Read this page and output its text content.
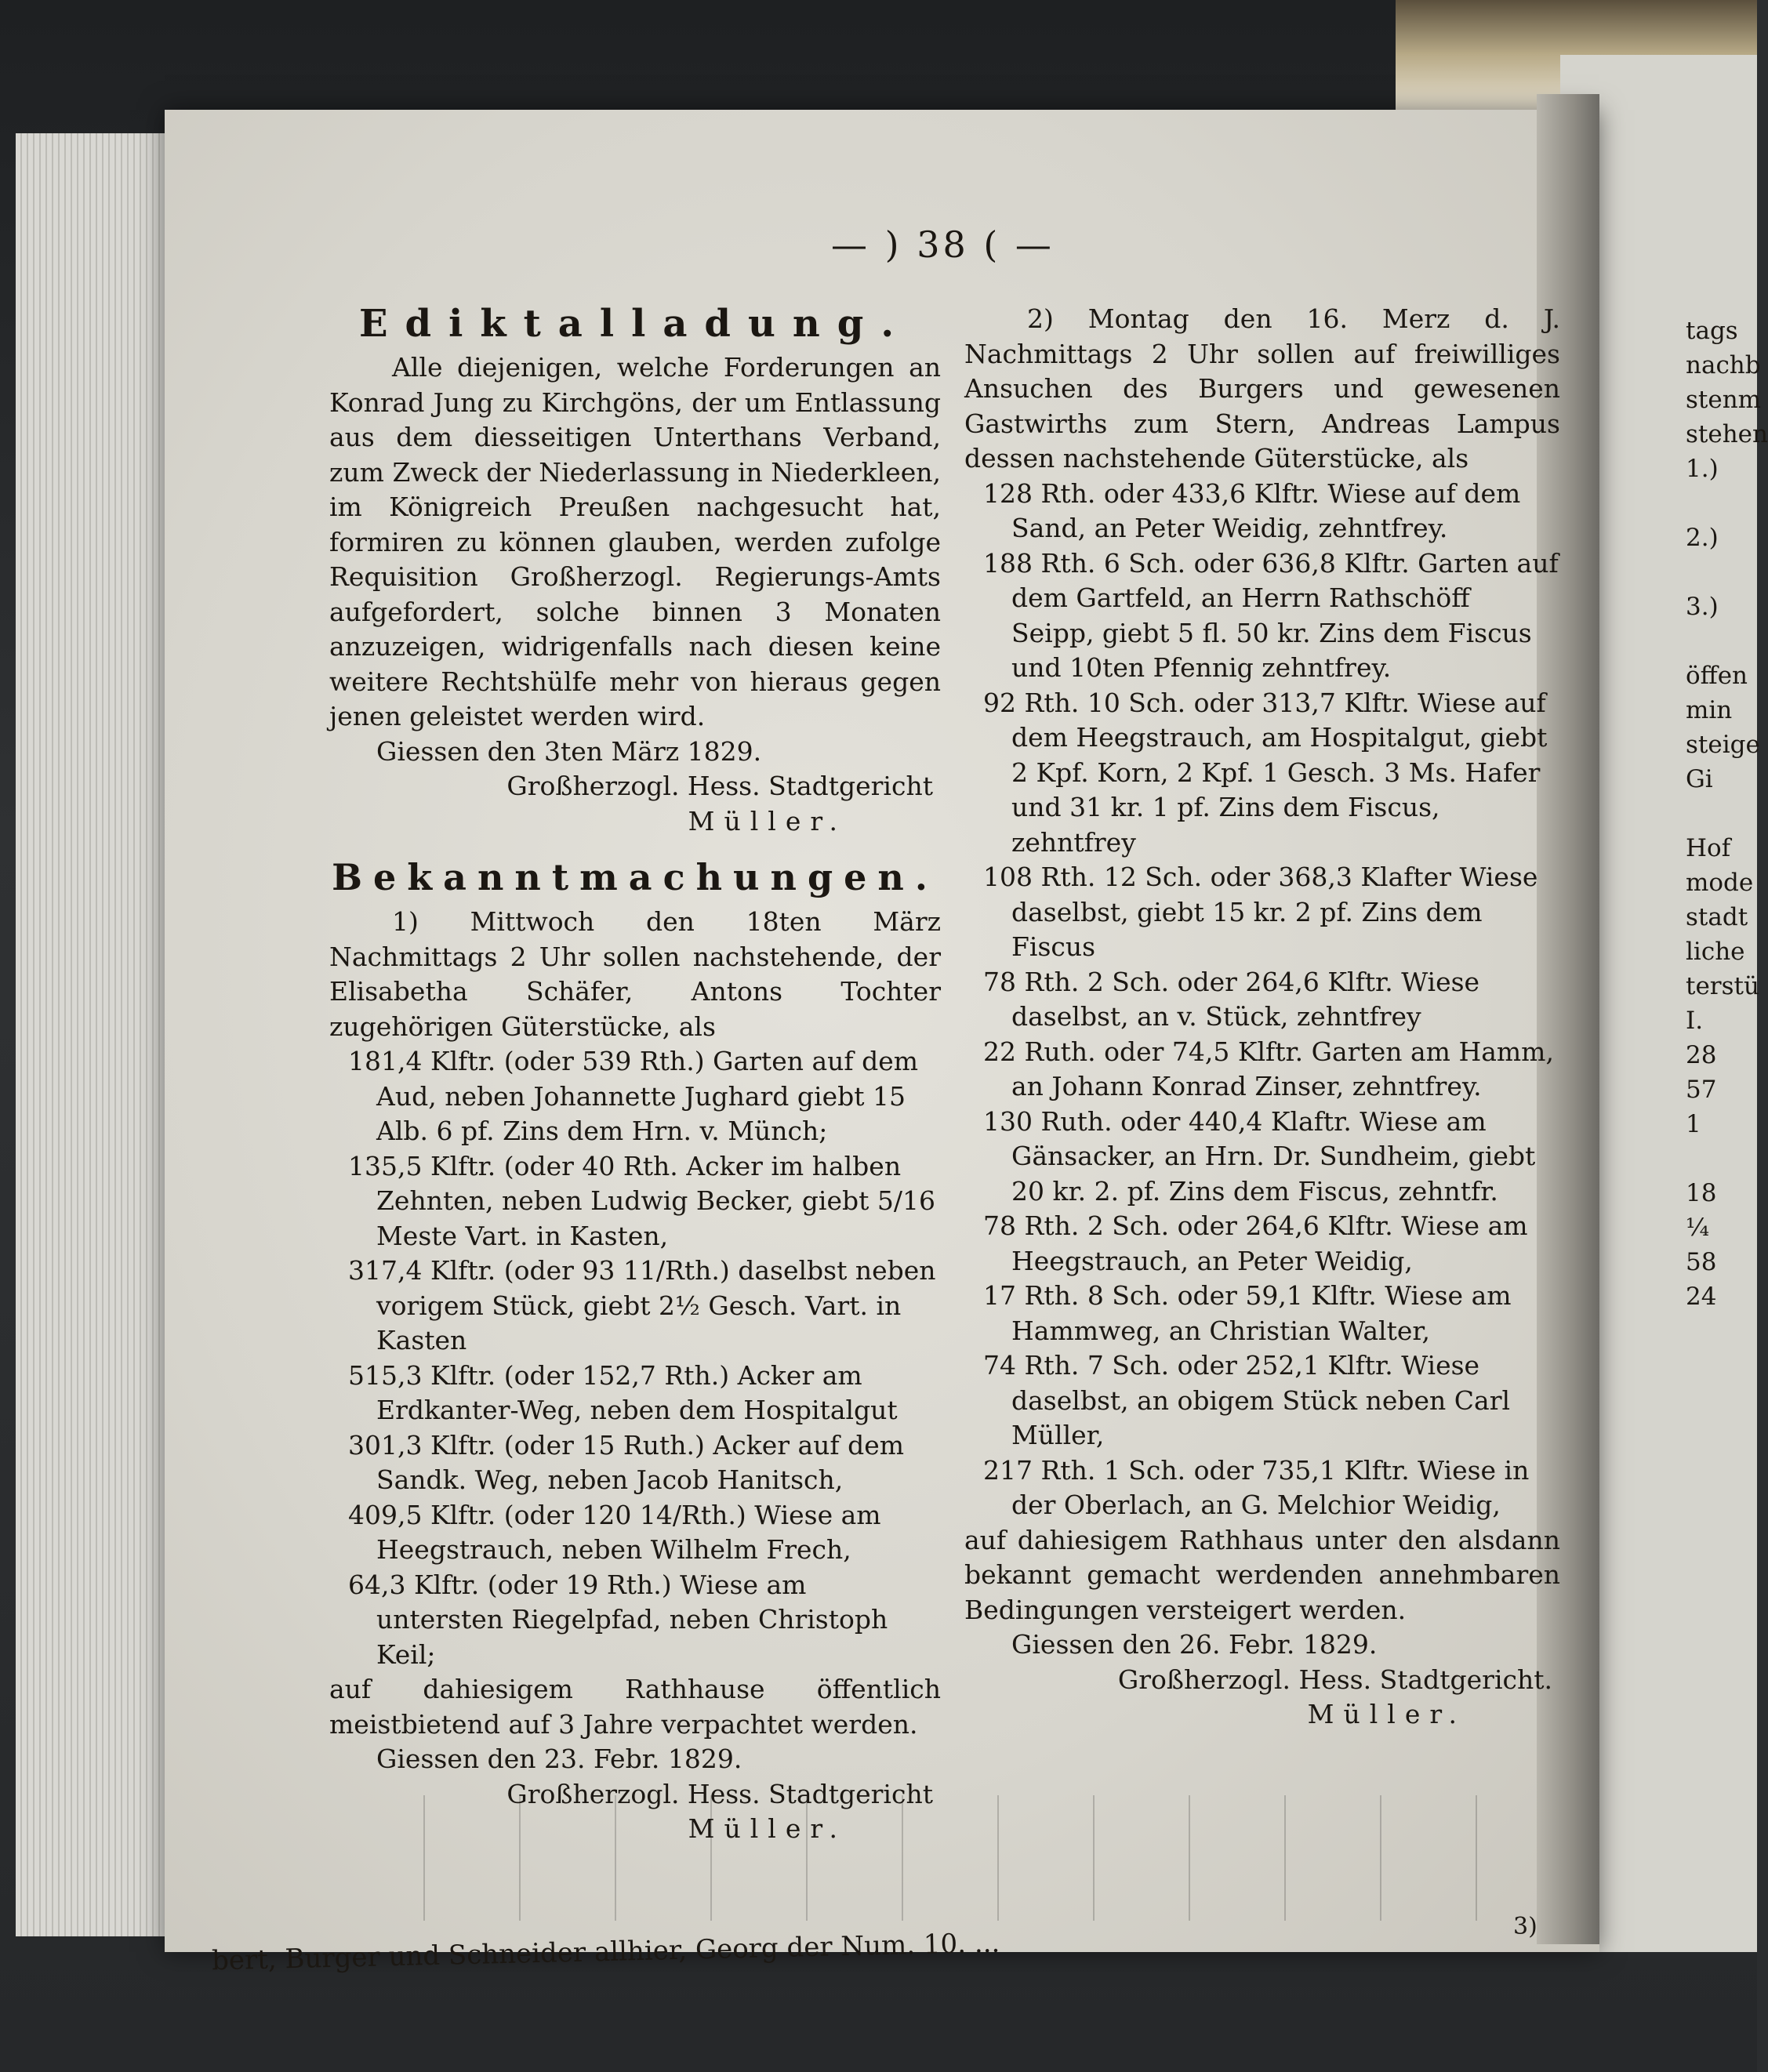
tags
nachb
stenm
stehen
1.)

2.)

3.)

öffen
min
steige
Gi

Hof
mode
stadt
liche
terstü
I.
28
57
1

18
¼
58
24
— ) 38 ( —
Ediktalladung.

Alle diejenigen, welche Forderungen an Konrad Jung zu Kirchgöns, der um Entlassung aus dem diesseitigen Unterthans Verband, zum Zweck der Niederlassung in Niederkleen, im Königreich Preußen nachgesucht hat, formiren zu können glauben, werden zufolge Requisition Großherzogl. Regierungs-Amts aufgefordert, solche binnen 3 Monaten anzuzeigen, widrigenfalls nach diesen keine weitere Rechtshülfe mehr von hieraus gegen jenen geleistet werden wird.

Giessen den 3ten März 1829.

Großherzogl. Hess. Stadtgericht

Müller.

Bekanntmachungen.

1) Mittwoch den 18ten März Nachmittags 2 Uhr sollen nachstehende, der Elisabetha Schäfer, Antons Tochter zugehörigen Güterstücke, als

181,4 Klftr. (oder 539 Rth.) Garten auf dem Aud, neben Johannette Jughard giebt 15 Alb. 6 pf. Zins dem Hrn. v. Münch;

135,5 Klftr. (oder 40 Rth. Acker im halben Zehnten, neben Ludwig Becker, giebt 5/16 Meste Vart. in Kasten,

317,4 Klftr. (oder 93 11/Rth.) daselbst neben vorigem Stück, giebt 2½ Gesch. Vart. in Kasten

515,3 Klftr. (oder 152,7 Rth.) Acker am Erdkanter-Weg, neben dem Hospitalgut

301,3 Klftr. (oder 15 Ruth.) Acker auf dem Sandk. Weg, neben Jacob Hanitsch,

409,5 Klftr. (oder 120 14/Rth.) Wiese am Heegstrauch, neben Wilhelm Frech,

64,3 Klftr. (oder 19 Rth.) Wiese am untersten Riegelpfad, neben Christoph Keil;

auf dahiesigem Rathhause öffentlich meistbietend auf 3 Jahre verpachtet werden.

Giessen den 23. Febr. 1829.

Großherzogl. Hess. Stadtgericht

Müller.

2) Montag den 16. Merz d. J. Nachmittags 2 Uhr sollen auf freiwilliges Ansuchen des Burgers und gewesenen Gastwirths zum Stern, Andreas Lampus dessen nachstehende Güterstücke, als

128 Rth. oder 433,6 Klftr. Wiese auf dem Sand, an Peter Weidig, zehntfrey.

188 Rth. 6 Sch. oder 636,8 Klftr. Garten auf dem Gartfeld, an Herrn Rathschöff Seipp, giebt 5 fl. 50 kr. Zins dem Fiscus und 10ten Pfennig zehntfrey.

92 Rth. 10 Sch. oder 313,7 Klftr. Wiese auf dem Heegstrauch, am Hospitalgut, giebt 2 Kpf. Korn, 2 Kpf. 1 Gesch. 3 Ms. Hafer und 31 kr. 1 pf. Zins dem Fiscus, zehntfrey

108 Rth. 12 Sch. oder 368,3 Klafter Wiese daselbst, giebt 15 kr. 2 pf. Zins dem Fiscus

78 Rth. 2 Sch. oder 264,6 Klftr. Wiese daselbst, an v. Stück, zehntfrey

22 Ruth. oder 74,5 Klftr. Garten am Hamm, an Johann Konrad Zinser, zehntfrey.

130 Ruth. oder 440,4 Klaftr. Wiese am Gänsacker, an Hrn. Dr. Sundheim, giebt 20 kr. 2. pf. Zins dem Fiscus, zehntfr.

78 Rth. 2 Sch. oder 264,6 Klftr. Wiese am Heegstrauch, an Peter Weidig,

17 Rth. 8 Sch. oder 59,1 Klftr. Wiese am Hammweg, an Christian Walter,

74 Rth. 7 Sch. oder 252,1 Klftr. Wiese daselbst, an obigem Stück neben Carl Müller,

217 Rth. 1 Sch. oder 735,1 Klftr. Wiese in der Oberlach, an G. Melchior Weidig,

auf dahiesigem Rathhaus unter den alsdann bekannt gemacht werdenden annehmbaren Bedingungen versteigert werden.

Giessen den 26. Febr. 1829.

Großherzogl. Hess. Stadtgericht.

Müller.

3)
bert, Burger und Schneider allhier, Georg der Num. 10. ...
